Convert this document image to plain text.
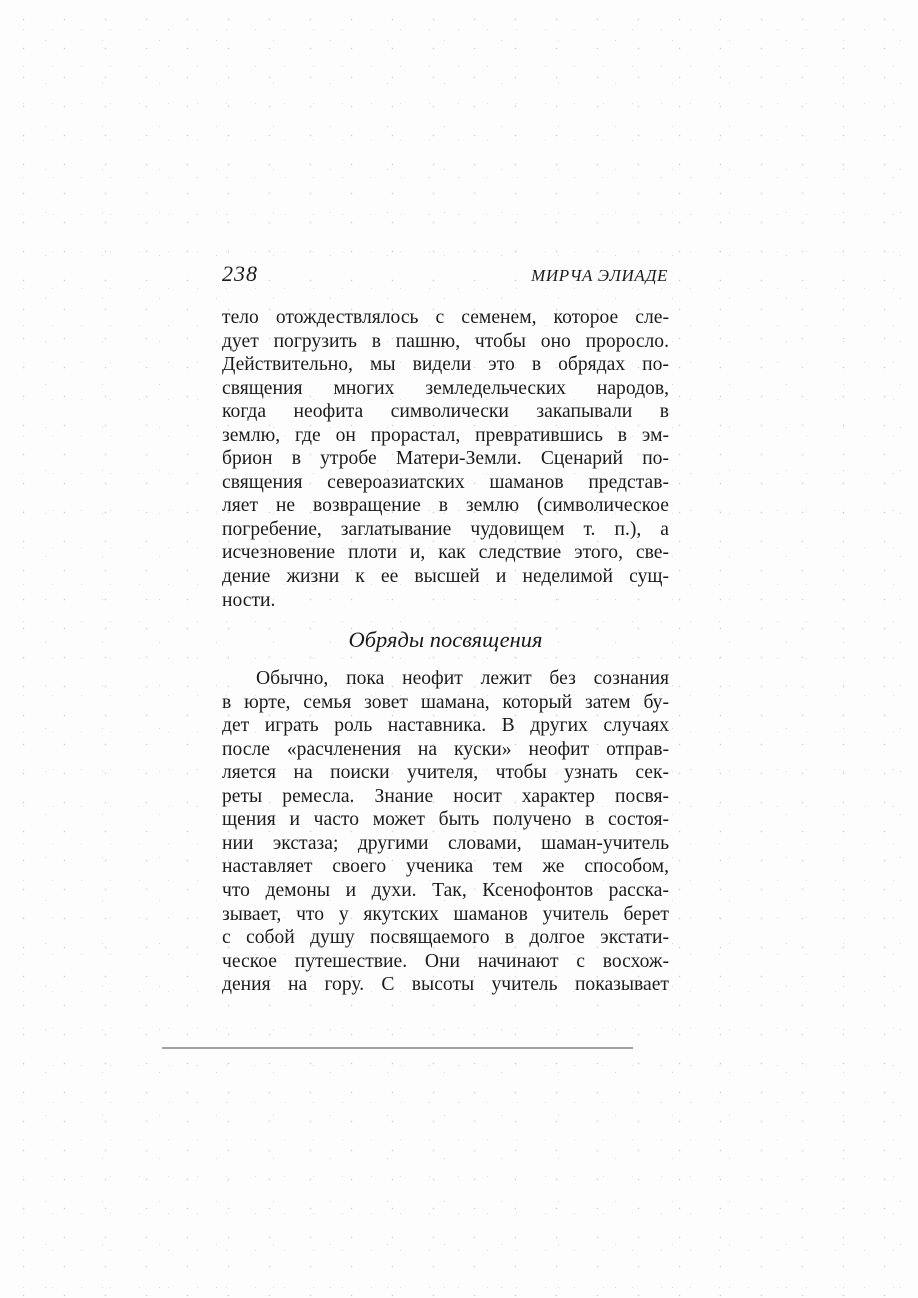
238	МИРЧА ЭЛИАДЕ
тело отождествлялось с семенем, которое сле-
дует погрузить в пашню, чтобы оно проросло.
Действительно, мы видели это в обрядах по-
священия многих земледельческих народов,
когда неофита символически закапывали в
землю, где он прорастал, превратившись в эм-
брион в утробе Матери-Земли. Сценарий по-
священия североазиатских шаманов представ-
ляет не возвращение в землю (символическое
погребение, заглатывание чудовищем т. п.), а
исчезновение плоти и, как следствие этого, све-
дение жизни к ее высшей и неделимой сущ-
ности.
Обряды посвящения
Обычно, пока неофит лежит без сознания
в юрте, семья зовет шамана, который затем бу-
дет играть роль наставника. В других случаях
после «расчленения на куски» неофит отправ-
ляется на поиски учителя, чтобы узнать сек-
реты ремесла. Знание носит характер посвя-
щения и часто может быть получено в состоя-
нии экстаза; другими словами, шаман-учитель
наставляет своего ученика тем же способом,
что демоны и духи. Так, Ксенофонтов расска-
зывает, что у якутских шаманов учитель берет
с собой душу посвящаемого в долгое экстати-
ческое путешествие. Они начинают с восхож-
дения на гору. С высоты учитель показывает
